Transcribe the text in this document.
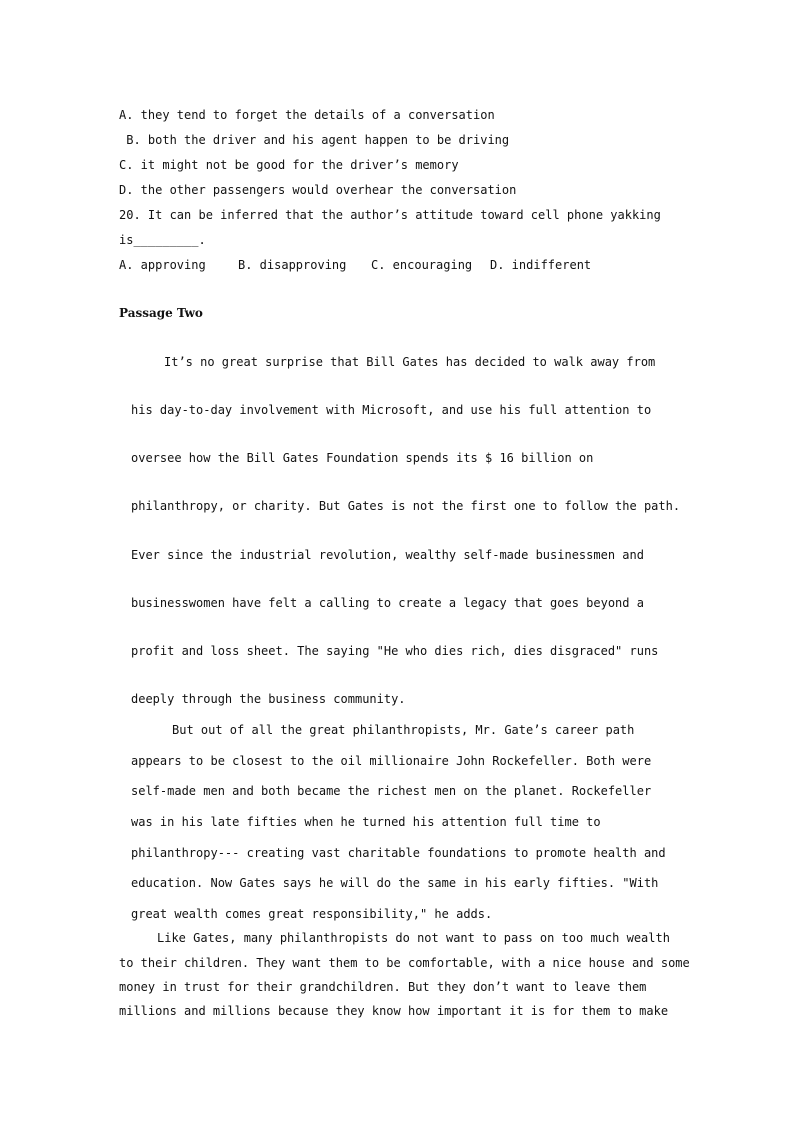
A. they tend to forget the details of a conversation
B. both the driver and his agent happen to be driving
C. it might not be good for the driver’s memory
D. the other passengers would overhear the conversation
20. It can be inferred that the author’s attitude toward cell phone yakking
is_________.
A. approving	B. disapproving C. encouraging D. indifferent
Passage Two
It’s no great surprise that Bill Gates has decided to walk away from
his day-to-day involvement with Microsoft, and use his full attention to
oversee how the Bill Gates Foundation spends its $ 16 billion on
philanthropy, or charity. But Gates is not the first one to follow the path.
Ever since the industrial revolution, wealthy self-made businessmen and
businesswomen have felt a calling to create a legacy that goes beyond a
profit and loss sheet. The saying "He who dies rich, dies disgraced" runs
deeply through the business community.
But out of all the great philanthropists, Mr. Gate’s career path
appears to be closest to the oil millionaire John Rockefeller. Both were
self-made men and both became the richest men on the planet. Rockefeller
was in his late fifties when he turned his attention full time to
philanthropy--- creating vast charitable foundations to promote health and
education. Now Gates says he will do the same in his early fifties. "With
great wealth comes great responsibility," he adds.
Like Gates, many philanthropists do not want to pass on too much wealth
to their children. They want them to be comfortable, with a nice house and some
money in trust for their grandchildren. But they don’t want to leave them
millions and millions because they know how important it is for them to make
